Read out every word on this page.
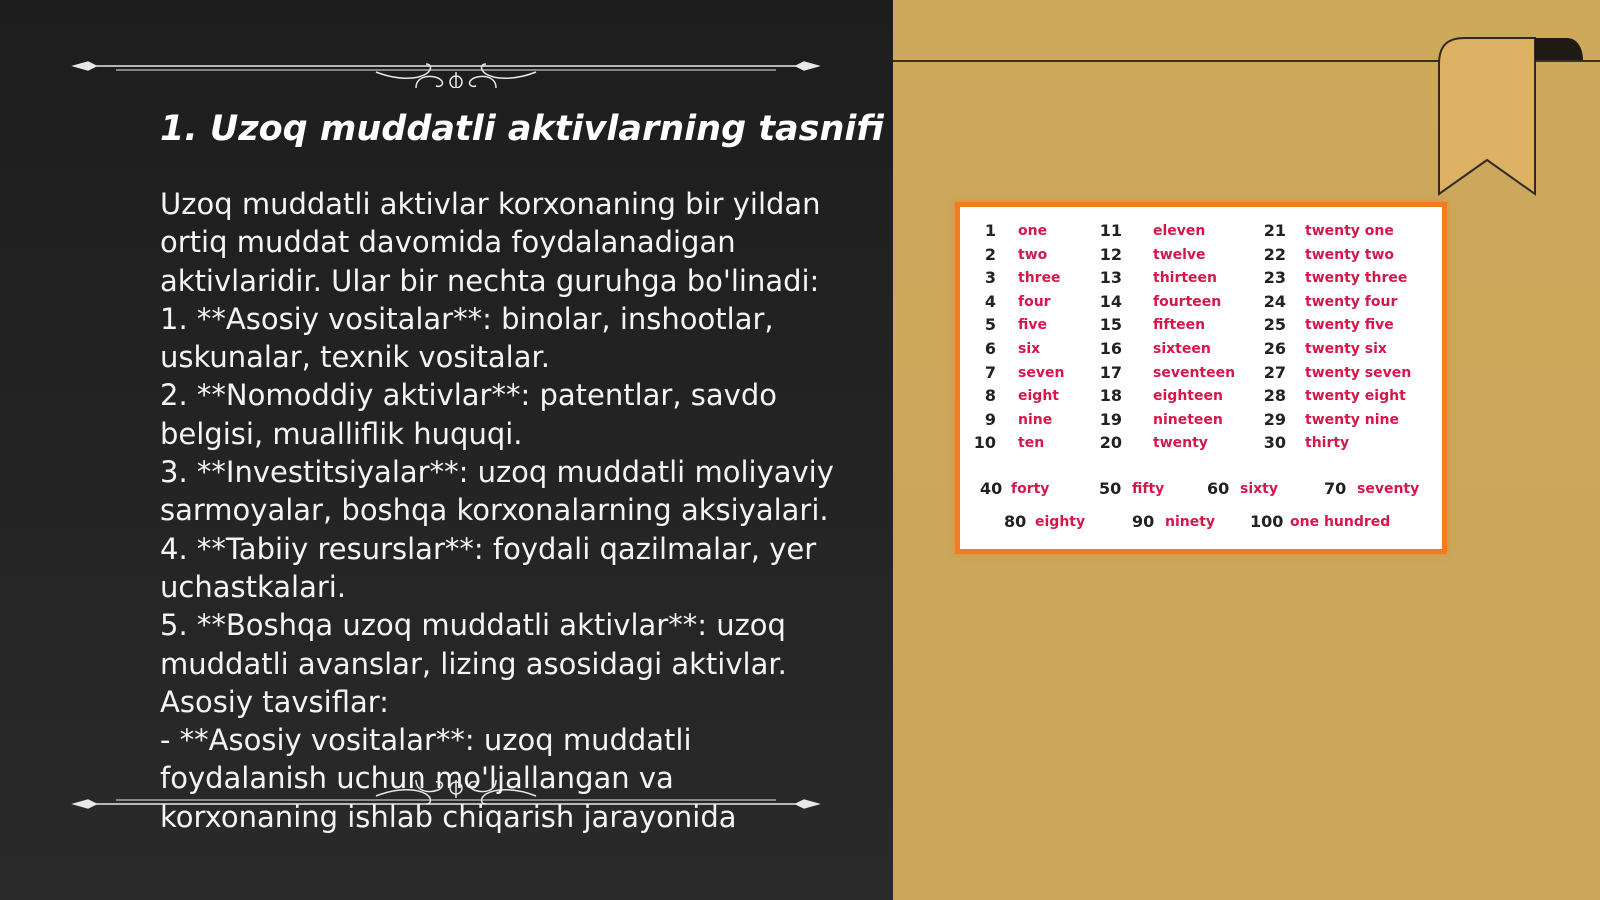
1. Uzoq muddatli aktivlarning tasnifi

Uzoq muddatli aktivlar korxonaning bir yildan ortiq muddat davomida foydalanadigan aktivlaridir. Ular bir nechta guruhga bo'linadi:

1. **Asosiy vositalar**: binolar, inshootlar, uskunalar, texnik vositalar.

2. **Nomoddiy aktivlar**: patentlar, savdo belgisi, mualliflik huquqi.

3. **Investitsiyalar**: uzoq muddatli moliyaviy sarmoyalar, boshqa korxonalarning aksiyalari.

4. **Tabiiy resurslar**: foydali qazilmalar, yer uchastkalari.

5. **Boshqa uzoq muddatli aktivlar**: uzoq muddatli avanslar, lizing asosidagi aktivlar.

Asosiy tavsiflar:

- **Asosiy vositalar**: uzoq muddatli foydalanish uchun mo'ljallangan va korxonaning ishlab chiqarish jarayonida

1 one	11 eleven	21 twenty one
2 two	12 twelve	22 twenty two
3 three 13 thirteen	23 twenty three
4 four	14 fourteen	24 twenty four
5 five	15 fifteen	25 twenty five
6 six	16 sixteen	26 twenty six
7 seven 17 seventeen 27 twenty seven
8 eight	18 eighteen	28 twenty eight
9 nine	19 nineteen	29 twenty nine
10 ten	20 twenty	30 thirty
40 forty	50 fifty	60 sixty	70 seventy
80 eighty	90 ninety 100 one hundred
